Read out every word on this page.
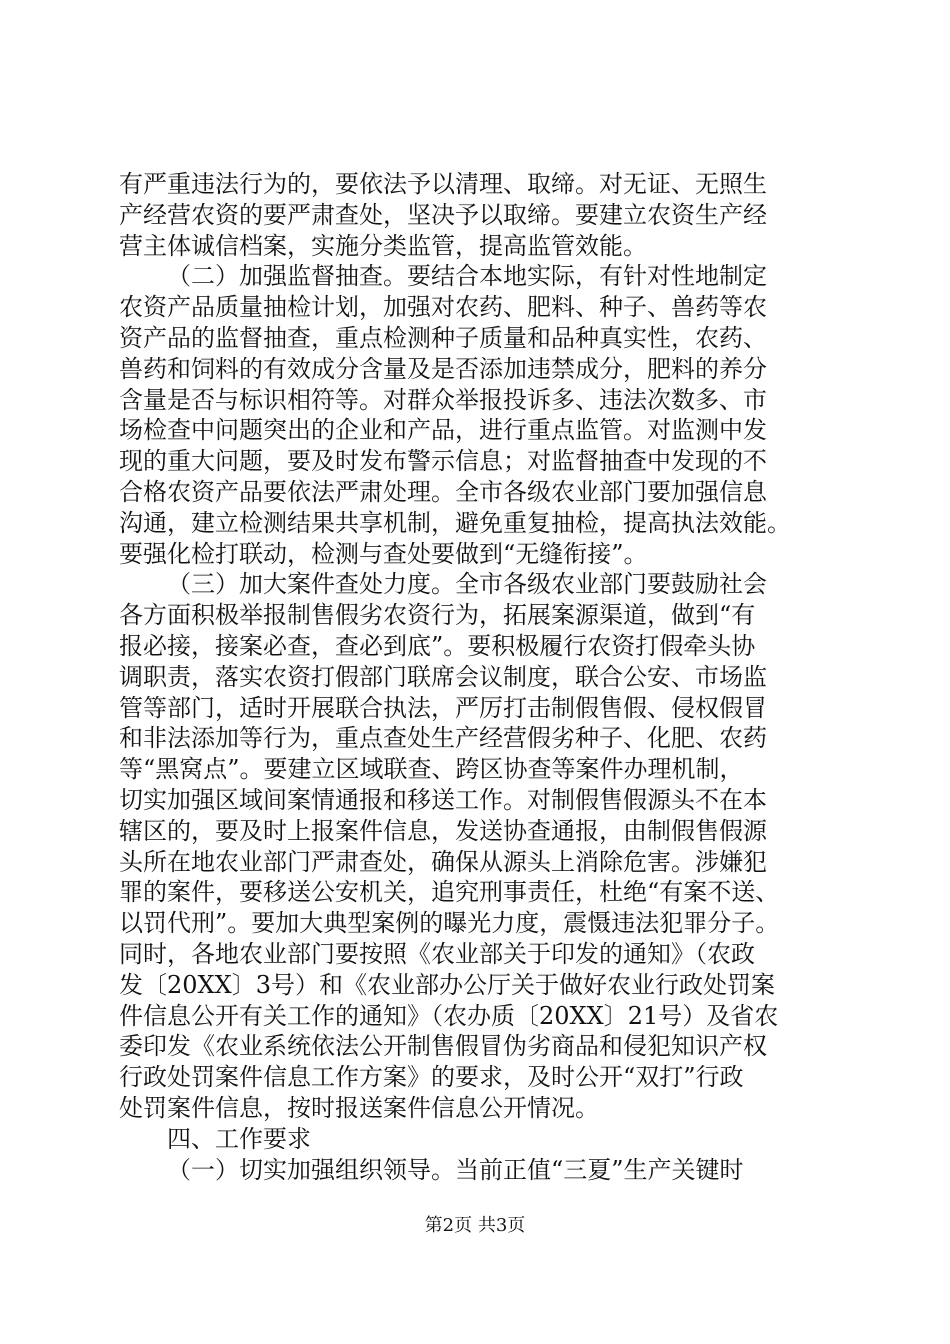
有严重违法行为的，要依法予以清理、取缔。对无证、无照生
产经营农资的要严肃查处，坚决予以取缔。要建立农资生产经
营主体诚信档案，实施分类监管，提高监管效能。
（二）加强监督抽查。要结合本地实际，有针对性地制定
农资产品质量抽检计划，加强对农药、肥料、种子、兽药等农
资产品的监督抽查，重点检测种子质量和品种真实性，农药、
兽药和饲料的有效成分含量及是否添加违禁成分，肥料的养分
含量是否与标识相符等。对群众举报投诉多、违法次数多、市
场检查中问题突出的企业和产品，进行重点监管。对监测中发
现的重大问题，要及时发布警示信息；对监督抽查中发现的不
合格农资产品要依法严肃处理。全市各级农业部门要加强信息
沟通，建立检测结果共享机制，避免重复抽检，提高执法效能。
要强化检打联动，检测与查处要做到“无缝衔接”。
（三）加大案件查处力度。全市各级农业部门要鼓励社会
各方面积极举报制售假劣农资行为，拓展案源渠道，做到“有
报必接，接案必查，查必到底”。要积极履行农资打假牵头协
调职责，落实农资打假部门联席会议制度，联合公安、市场监
管等部门，适时开展联合执法，严厉打击制假售假、侵权假冒
和非法添加等行为，重点查处生产经营假劣种子、化肥、农药
等“黑窝点”。要建立区域联查、跨区协查等案件办理机制，
切实加强区域间案情通报和移送工作。对制假售假源头不在本
辖区的，要及时上报案件信息，发送协查通报，由制假售假源
头所在地农业部门严肃查处，确保从源头上消除危害。涉嫌犯
罪的案件，要移送公安机关，追究刑事责任，杜绝“有案不送、
以罚代刑”。要加大典型案例的曝光力度，震慑违法犯罪分子。
同时，各地农业部门要按照《农业部关于印发的通知》（农政
发〔20XX〕3号）和《农业部办公厅关于做好农业行政处罚案
件信息公开有关工作的通知》（农办质〔20XX〕21号）及省农
委印发《农业系统依法公开制售假冒伪劣商品和侵犯知识产权
行政处罚案件信息工作方案》的要求，及时公开“双打”行政
处罚案件信息，按时报送案件信息公开情况。
四、工作要求
（一）切实加强组织领导。当前正值“三夏”生产关键时
第2页 共3页
